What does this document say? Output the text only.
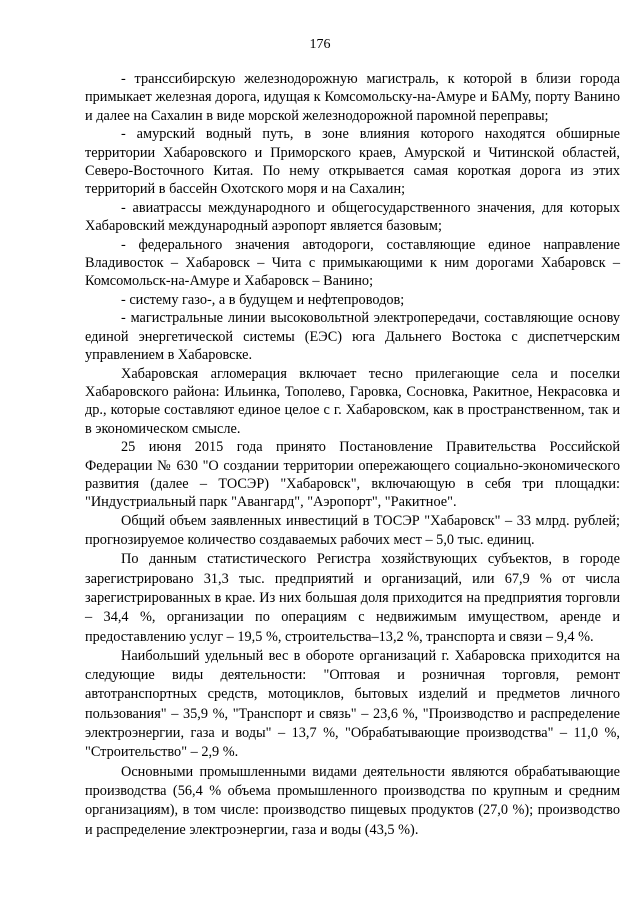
176

- транссибирскую железнодорожную магистраль, к которой в близи города примыкает железная дорога, идущая к Комсомольску-на-Амуре и БАМу, порту Ванино и далее на Сахалин в виде морской железнодорожной паромной переправы;

- амурский водный путь, в зоне влияния которого находятся обширные территории Хабаровского и Приморского краев, Амурской и Читинской областей, Северо-Восточного Китая. По нему открывается самая короткая дорога из этих территорий в бассейн Охотского моря и на Сахалин;

- авиатрассы международного и общегосударственного значения, для которых Хабаровский международный аэропорт является базовым;

- федерального значения автодороги, составляющие единое направление Владивосток – Хабаровск – Чита с примыкающими к ним дорогами Хабаровск – Комсомольск-на-Амуре и Хабаровск – Ванино;

- систему газо-, а в будущем и нефтепроводов;

- магистральные линии высоковольтной электропередачи, составляющие основу единой энергетической системы (ЕЭС) юга Дальнего Востока с диспетчерским управлением в Хабаровске.

Хабаровская агломерация включает тесно прилегающие села и поселки Хабаровского района: Ильинка, Тополево, Гаровка, Сосновка, Ракитное, Некрасовка и др., которые составляют единое целое с г. Хабаровском, как в пространственном, так и в экономическом смысле.

25 июня 2015 года принято Постановление Правительства Российской Федерации № 630 "О создании территории опережающего социально-экономического развития (далее – ТОСЭР) "Хабаровск", включающую в себя три площадки: "Индустриальный парк "Авангард", "Аэропорт", "Ракитное".

Общий объем заявленных инвестиций в ТОСЭР "Хабаровск" – 33 млрд. рублей; прогнозируемое количество создаваемых рабочих мест – 5,0 тыс. единиц.

По данным статистического Регистра хозяйствующих субъектов, в городе зарегистрировано 31,3 тыс. предприятий и организаций, или 67,9 % от числа зарегистрированных в крае. Из них большая доля приходится на предприятия торговли – 34,4 %, организации по операциям с недвижимым имуществом, аренде и предоставлению услуг – 19,5 %, строительства–13,2 %, транспорта и связи – 9,4 %.

Наибольший удельный вес в обороте организаций г. Хабаровска приходится на следующие виды деятельности: "Оптовая и розничная торговля, ремонт автотранспортных средств, мотоциклов, бытовых изделий и предметов личного пользования" – 35,9 %, "Транспорт и связь" – 23,6 %, "Производство и распределение электроэнергии, газа и воды" – 13,7 %, "Обрабатывающие производства" – 11,0 %, "Строительство" – 2,9 %.

Основными промышленными видами деятельности являются обрабатывающие производства (56,4 % объема промышленного производства по крупным и средним организациям), в том числе: производство пищевых продуктов (27,0 %); производство и распределение электроэнергии, газа и воды (43,5 %).
